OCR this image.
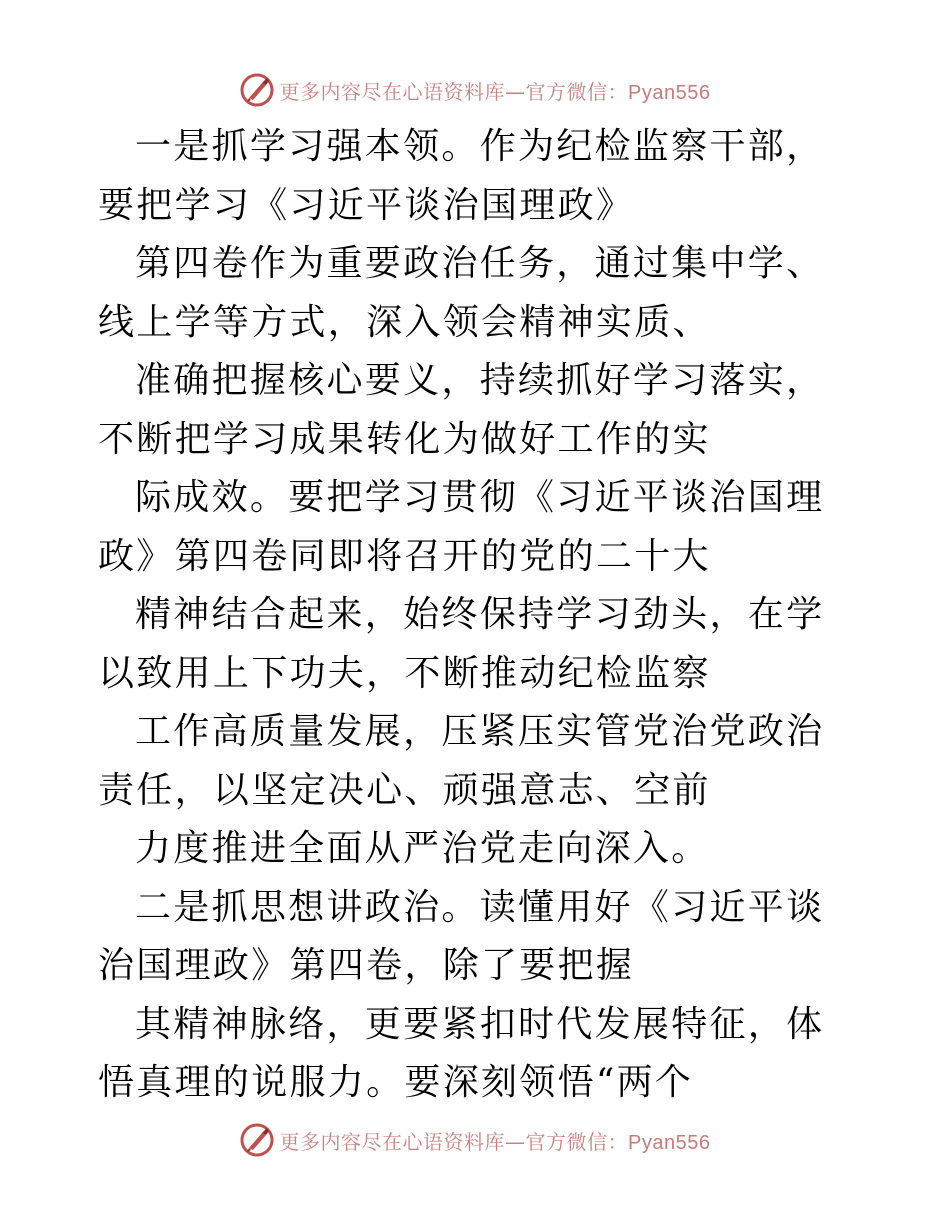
更多内容尽在心语资料库—官方微信：Pyan556

一是抓学习强本领。作为纪检监察干部，要把学习《习近平谈治国理政》

第四卷作为重要政治任务，通过集中学、线上学等方式，深入领会精神实质、

准确把握核心要义，持续抓好学习落实，不断把学习成果转化为做好工作的实

际成效。要把学习贯彻《习近平谈治国理政》第四卷同即将召开的党的二十大

精神结合起来，始终保持学习劲头，在学以致用上下功夫，不断推动纪检监察

工作高质量发展，压紧压实管党治党政治责任，以坚定决心、顽强意志、空前

力度推进全面从严治党走向深入。

二是抓思想讲政治。读懂用好《习近平谈治国理政》第四卷，除了要把握

其精神脉络，更要紧扣时代发展特征，体悟真理的说服力。要深刻领悟“两个

更多内容尽在心语资料库—官方微信：Pyan556
